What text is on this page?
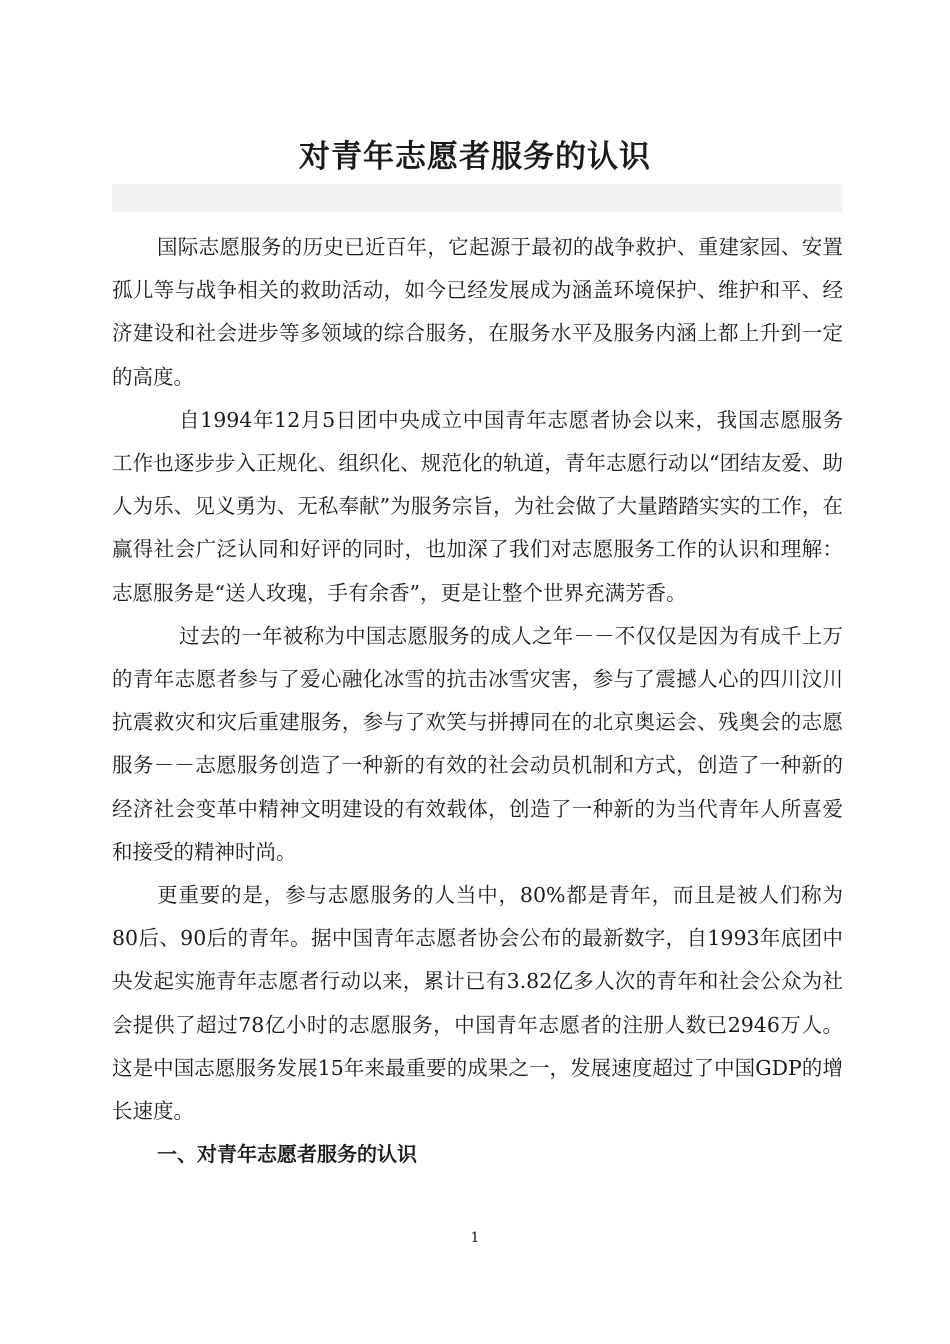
对青年志愿者服务的认识

国际志愿服务的历史已近百年，它起源于最初的战争救护、重建家园、安置孤儿等与战争相关的救助活动，如今已经发展成为涵盖环境保护、维护和平、经济建设和社会进步等多领域的综合服务，在服务水平及服务内涵上都上升到一定的高度。

自1994年12月5日团中央成立中国青年志愿者协会以来，我国志愿服务工作也逐步步入正规化、组织化、规范化的轨道，青年志愿行动以“团结友爱、助人为乐、见义勇为、无私奉献”为服务宗旨，为社会做了大量踏踏实实的工作，在赢得社会广泛认同和好评的同时，也加深了我们对志愿服务工作的认识和理解：志愿服务是“送人玫瑰，手有余香”，更是让整个世界充满芳香。

过去的一年被称为中国志愿服务的成人之年－－不仅仅是因为有成千上万的青年志愿者参与了爱心融化冰雪的抗击冰雪灾害，参与了震撼人心的四川汶川抗震救灾和灾后重建服务，参与了欢笑与拼搏同在的北京奥运会、残奥会的志愿服务－－志愿服务创造了一种新的有效的社会动员机制和方式，创造了一种新的经济社会变革中精神文明建设的有效载体，创造了一种新的为当代青年人所喜爱和接受的精神时尚。

更重要的是，参与志愿服务的人当中，80%都是青年，而且是被人们称为80后、90后的青年。据中国青年志愿者协会公布的最新数字，自1993年底团中央发起实施青年志愿者行动以来，累计已有3.82亿多人次的青年和社会公众为社会提供了超过78亿小时的志愿服务，中国青年志愿者的注册人数已2946万人。这是中国志愿服务发展15年来最重要的成果之一，发展速度超过了中国GDP的增长速度。

一、对青年志愿者服务的认识

1
